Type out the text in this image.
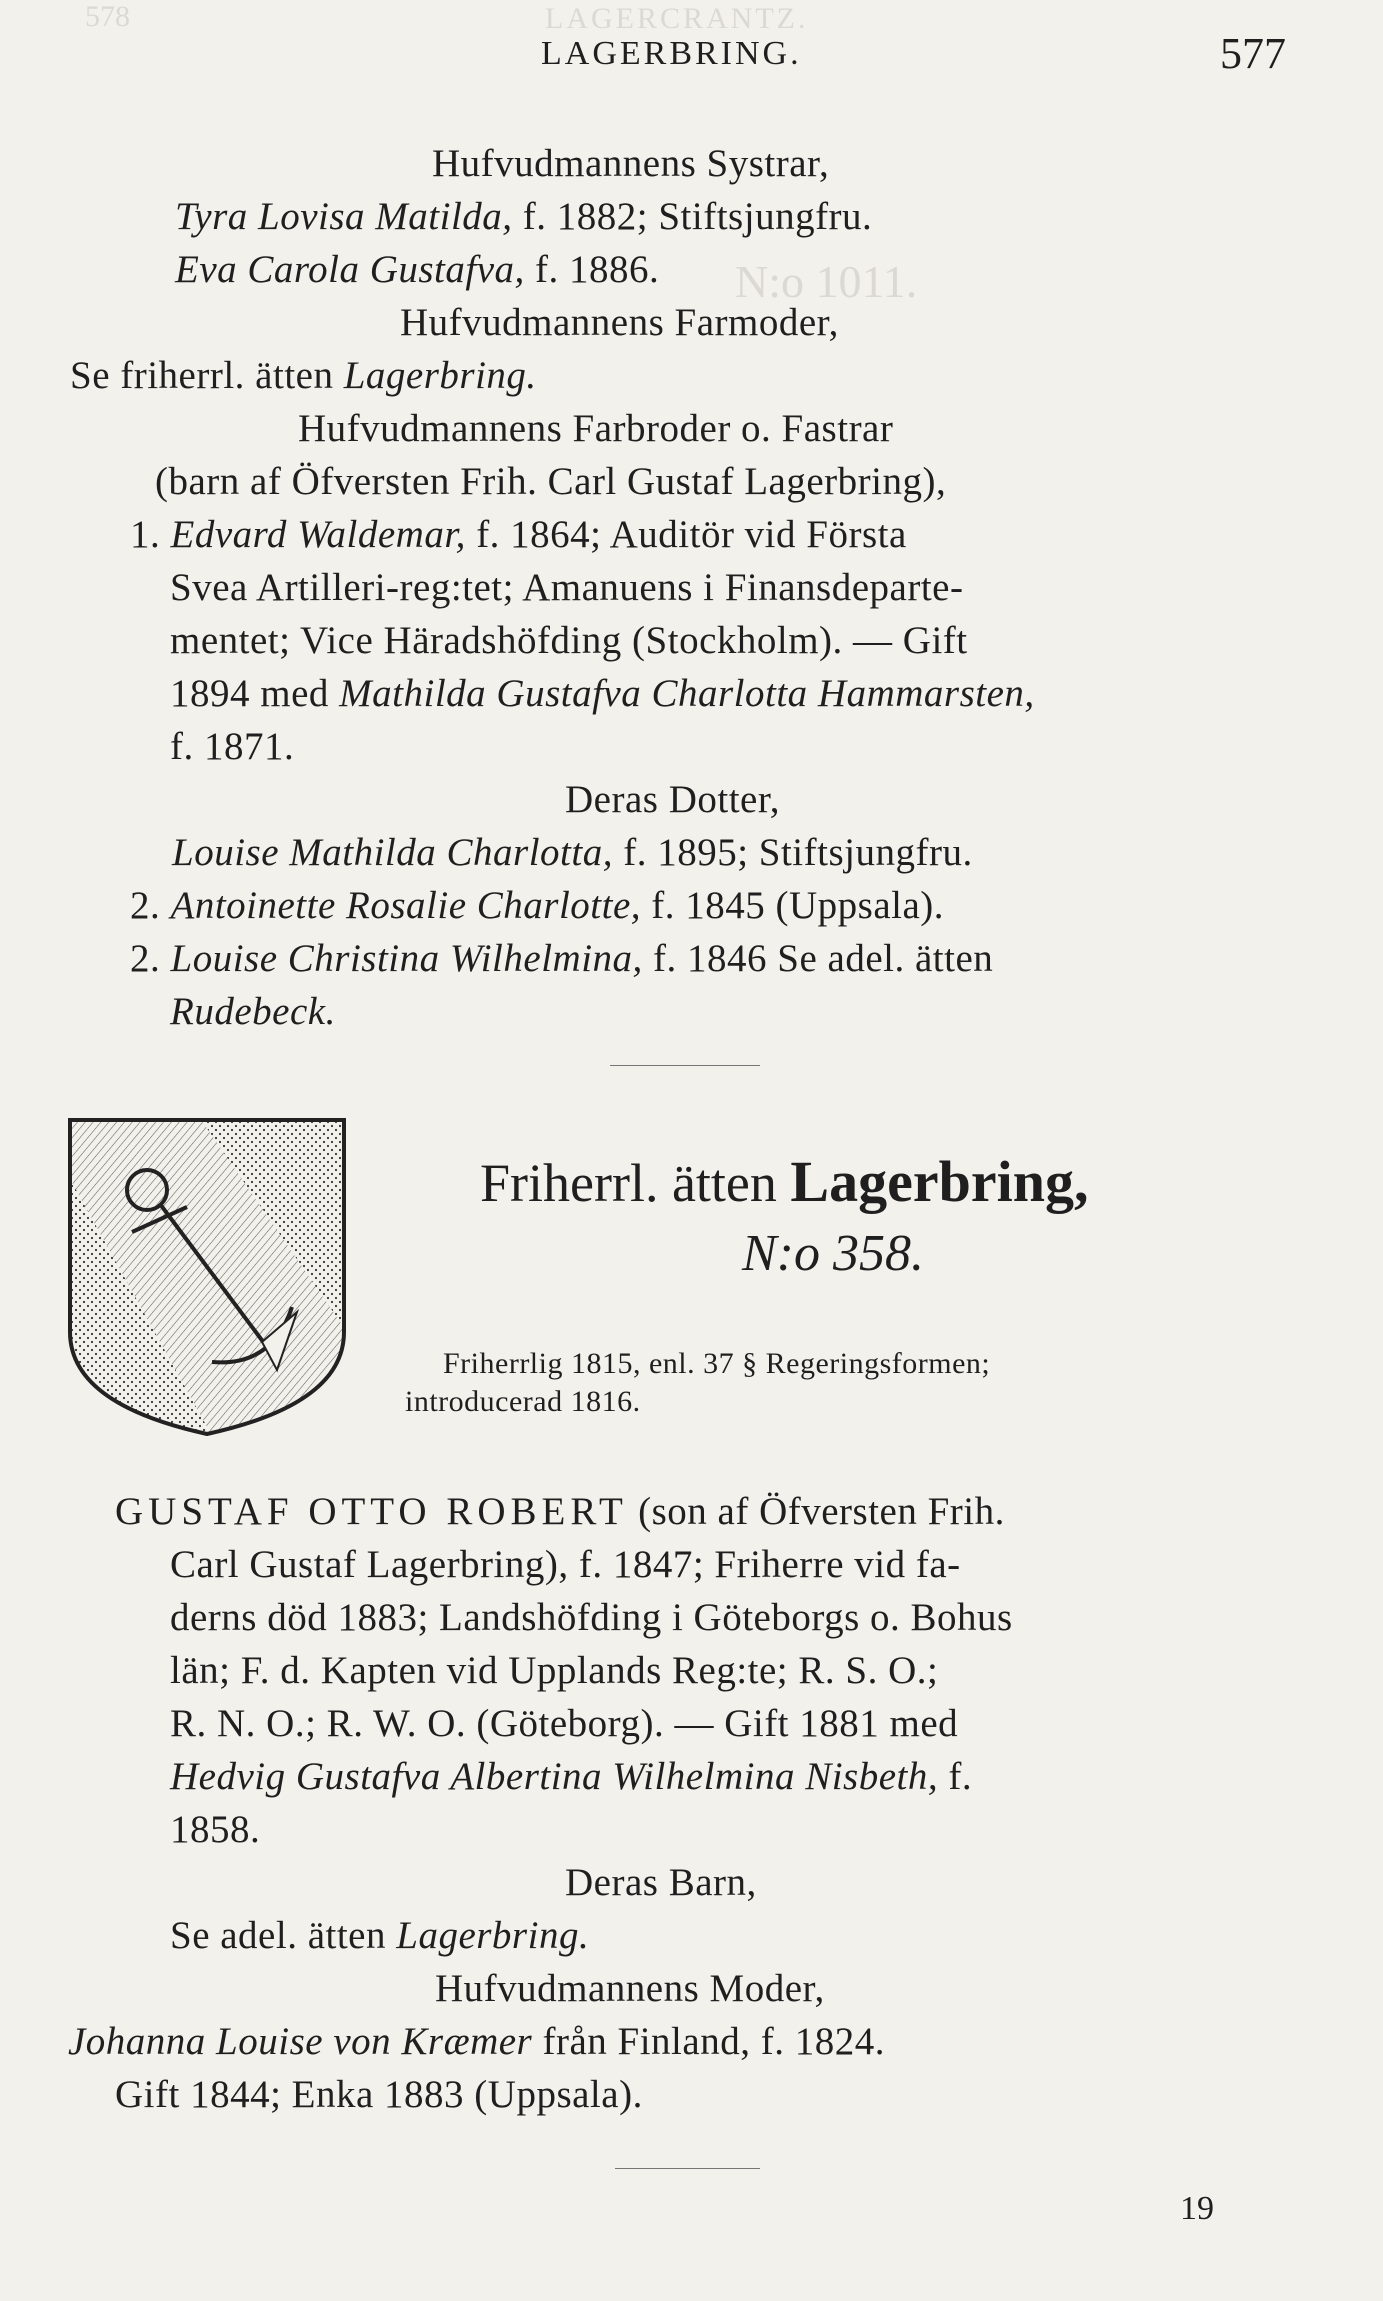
LAGERCRANTZ.
578
N:o 1011.
LAGERBRING.	577
Hufvudmannens Systrar,
Tyra Lovisa Matilda, f. 1882; Stiftsjungfru.
Eva Carola Gustafva, f. 1886.
Hufvudmannens Farmoder,
Se friherrl. ätten Lagerbring.
Hufvudmannens Farbroder o. Fastrar
(barn af Öfversten Frih. Carl Gustaf Lagerbring),
1. Edvard Waldemar, f. 1864; Auditör vid Första
Svea Artilleri-reg:tet; Amanuens i Finansdeparte-
mentet; Vice Häradshöfding (Stockholm). — Gift
1894 med Mathilda Gustafva Charlotta Hammarsten,
f. 1871.
Deras Dotter,
Louise Mathilda Charlotta, f. 1895; Stiftsjungfru.
2. Antoinette Rosalie Charlotte, f. 1845 (Uppsala).
2. Louise Christina Wilhelmina, f. 1846 Se adel. ätten
Rudebeck.
Friherrl. ätten Lagerbring,
N:o 358.
Friherrlig 1815, enl. 37 § Regeringsformen;
introducerad 1816.
GUSTAF OTTO ROBERT (son af Öfversten Frih.
Carl Gustaf Lagerbring), f. 1847; Friherre vid fa-
derns död 1883; Landshöfding i Göteborgs o. Bohus
län; F. d. Kapten vid Upplands Reg:te; R. S. O.;
R. N. O.; R. W. O. (Göteborg). — Gift 1881 med
Hedvig Gustafva Albertina Wilhelmina Nisbeth, f.
1858.
Deras Barn,
Se adel. ätten Lagerbring.
Hufvudmannens Moder,
Johanna Louise von Kræmer från Finland, f. 1824.
Gift 1844; Enka 1883 (Uppsala).
19
